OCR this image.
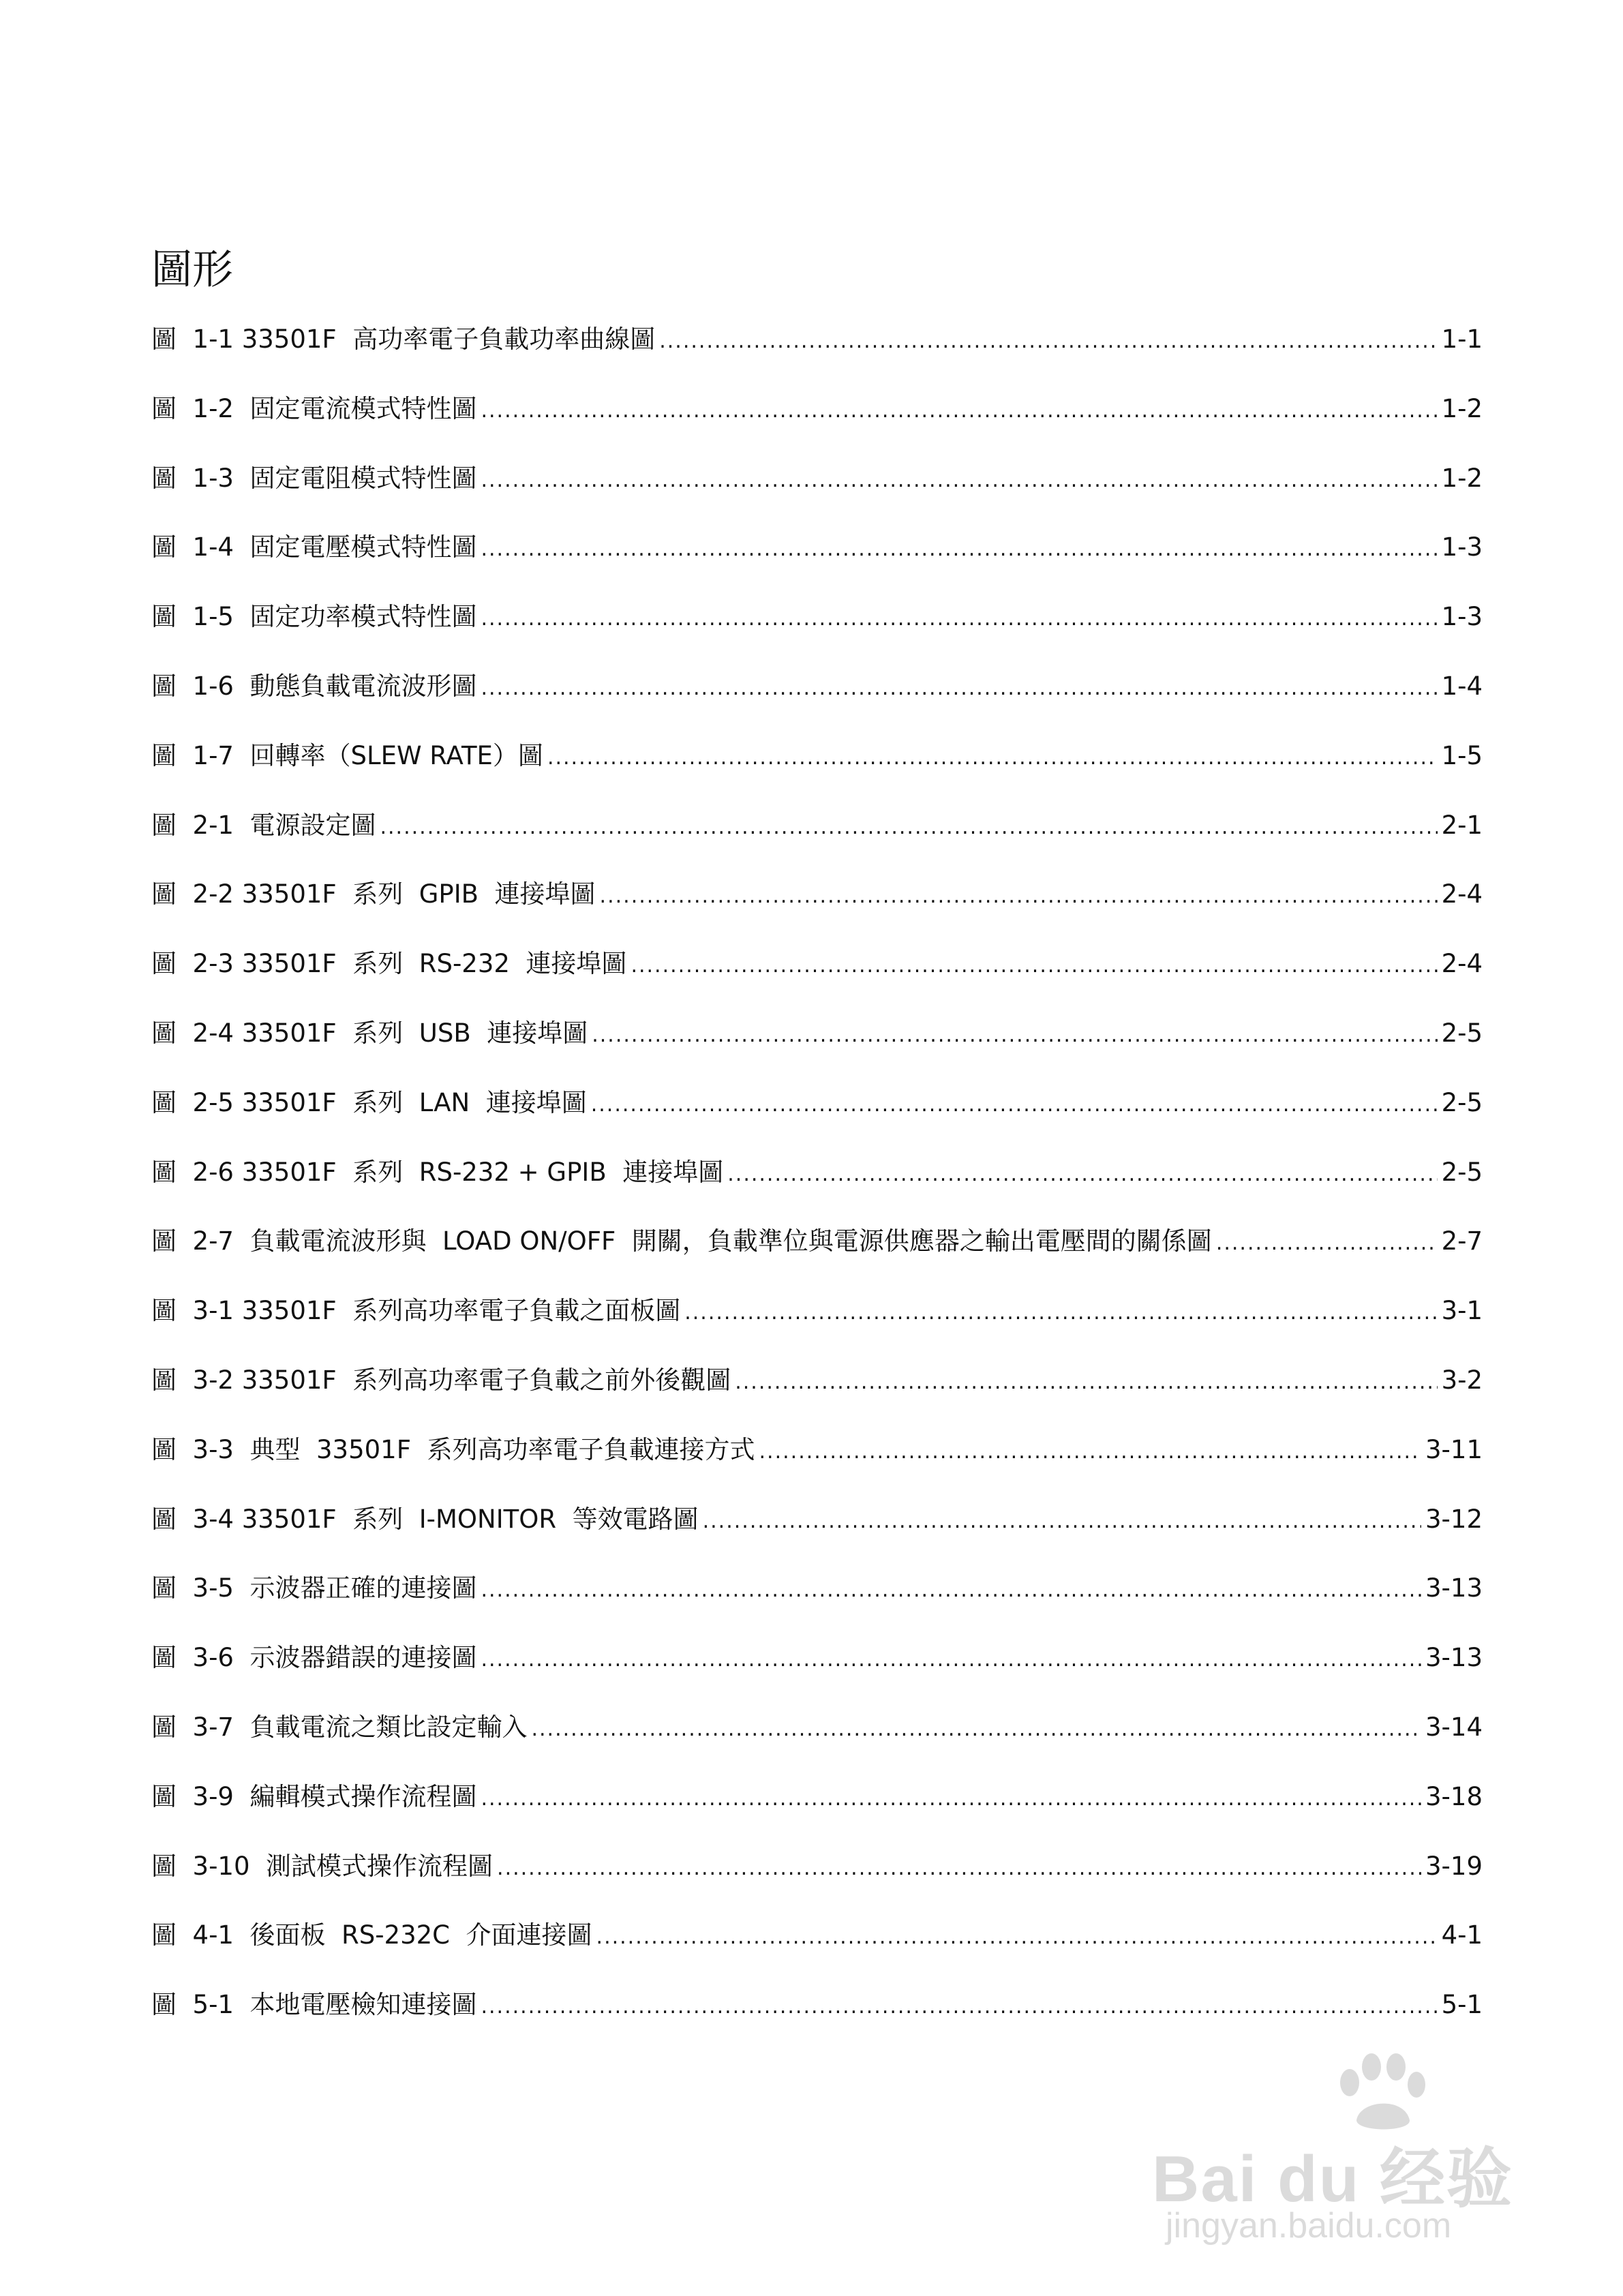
圖形
圖  1-1 33501F  高功率電子負載功率曲線圖 .....	1-1
圖  1-2  固定電流模式特性圖 .....	1-2
圖  1-3  固定電阻模式特性圖 .....	1-2
圖  1-4  固定電壓模式特性圖 .....	1-3
圖  1-5  固定功率模式特性圖 .....	1-3
圖  1-6  動態負載電流波形圖 .....	1-4
圖  1-7  回轉率（SLEW RATE）圖 .....	1-5
圖  2-1  電源設定圖 .....	2-1
圖  2-2 33501F  系列  GPIB  連接埠圖 .....	2-4
圖  2-3 33501F  系列  RS-232  連接埠圖 .....	2-4
圖  2-4 33501F  系列  USB  連接埠圖 .....	2-5
圖  2-5 33501F  系列  LAN  連接埠圖 .....	2-5
圖  2-6 33501F  系列  RS-232 + GPIB  連接埠圖 .....	2-5
圖  2-7  負載電流波形與  LOAD ON/OFF  開關，負載準位與電源供應器之輸出電壓間的關係圖 .....	2-7
圖  3-1 33501F  系列高功率電子負載之面板圖 .....	3-1
圖  3-2 33501F  系列高功率電子負載之前外後觀圖 .....	3-2
圖  3-3  典型  33501F  系列高功率電子負載連接方式 .....	3-11
圖  3-4 33501F  系列  I-MONITOR  等效電路圖 .....	3-12
圖  3-5  示波器正確的連接圖 .....	3-13
圖  3-6  示波器錯誤的連接圖 .....	3-13
圖  3-7  負載電流之類比設定輸入 .....	3-14
圖  3-9  編輯模式操作流程圖 .....	3-18
圖  3-10  測試模式操作流程圖 .....	3-19
圖  4-1  後面板  RS-232C  介面連接圖 .....	4-1
圖  5-1  本地電壓檢知連接圖 .....	5-1
Bai du 经验
jingyan.baidu.com
